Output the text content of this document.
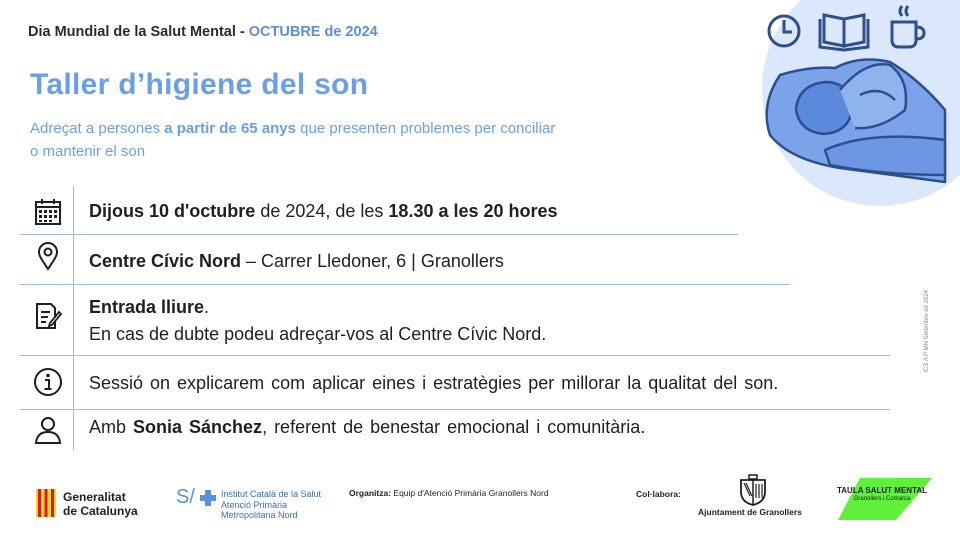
Dia Mundial de la Salut Mental - OCTUBRE de 2024
Taller d’higiene del son
Adreçat a persones a partir de 65 anys que presenten problemes per conciliar
o mantenir el son
Dijous 10 d'octubre de 2024, de les 18.30 a les 20 hores
Centre Cívic Nord – Carrer Lledoner, 6 | Granollers
Entrada lliure.
En cas de dubte podeu adreçar-vos al Centre Cívic Nord.
Sessió on explicarem com aplicar eines i estratègies per millorar la qualitat del son.
Amb Sonia Sánchez, referent de benestar emocional i comunitària.
ICS A P MN Setembre de 2024
Generalitat
de Catalunya
S/	Institut Català de la Salut
Atenció Primària
Metropolitana Nord
Organitza: Equip d'Atenció Primària Granollers Nord	Col·labora:
Ajuntament de Granollers
TAULA SALUT MENTAL
Granollers i Comarca
